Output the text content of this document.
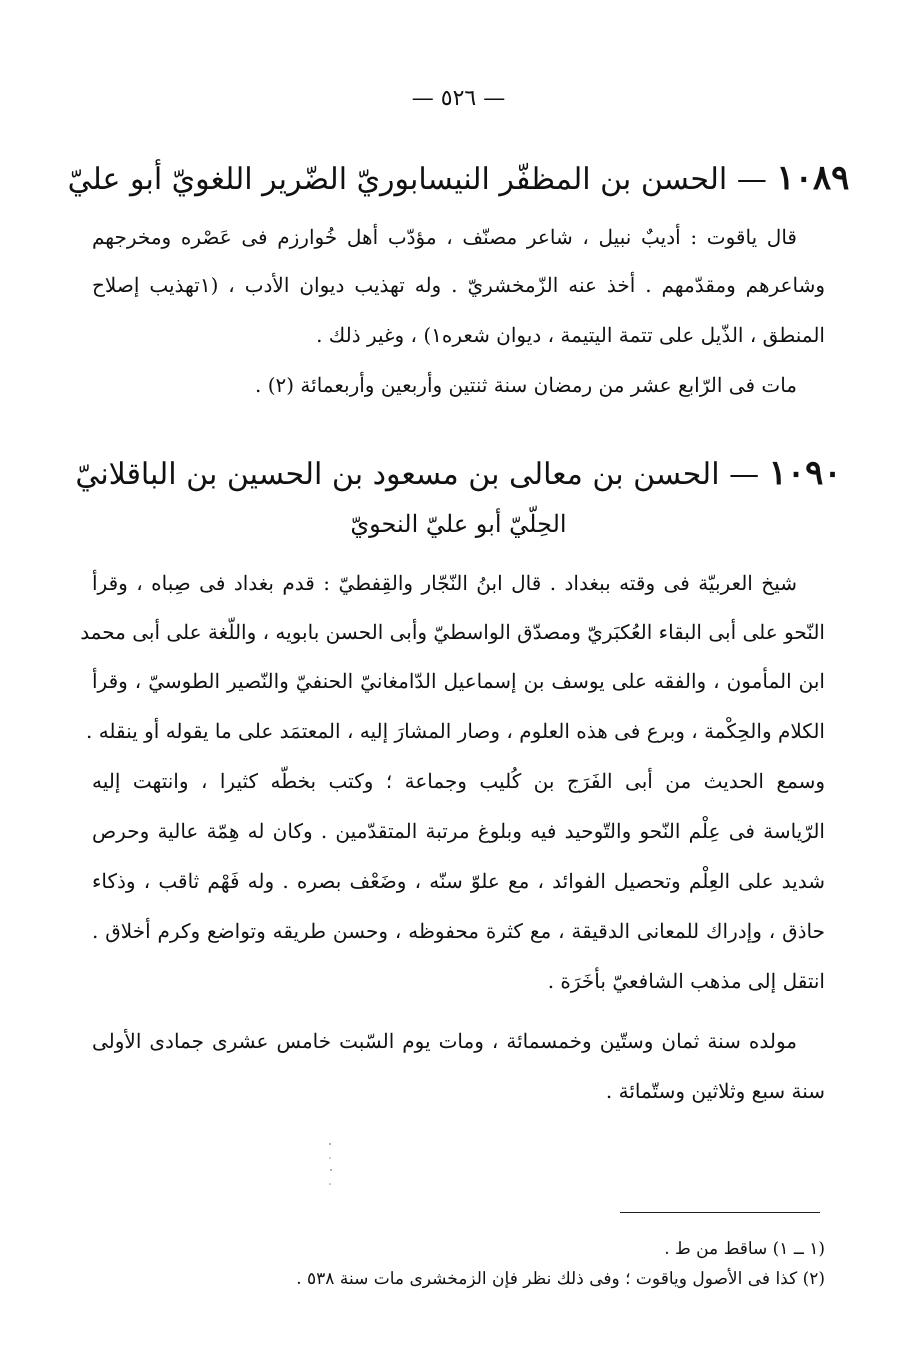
— ٥٢٦ —
١٠٨٩ — الحسن بن المظفّر النيسابوريّ الضّرير اللغويّ أبو عليّ
قال ياقوت : أديبٌ نبيل ، شاعر مصنّف ، مؤدّب أهل خُوارزم فى عَصْره ومخرجهم
وشاعرهم ومقدّمهم . أخذ عنه الزّمخشريّ . وله تهذيب ديوان الأدب ، (١تهذيب إصلاح
المنطق ، الذّيل على تتمة اليتيمة ، ديوان شعره١) ، وغير ذلك .
مات فى الرّابع عشر من رمضان سنة ثنتين وأربعين وأربعمائة (٢) .
١٠٩٠ — الحسن بن معالى بن مسعود بن الحسين بن الباقلانيّ
الحِلّيّ أبو عليّ النحويّ
شيخ العربيّة فى وقته ببغداد . قال ابنُ النّجّار والقِفطيّ : قدم بغداد فى صِباه ، وقرأ
النّحو على أبى البقاء العُكبَريّ ومصدّق الواسطيّ وأبى الحسن بابويه ، واللّغة على أبى محمد
ابن المأمون ، والفقه على يوسف بن إسماعيل الدّامغانيّ الحنفيّ والنّصير الطوسيّ ، وقرأ
الكلام والحِكْمة ، وبرع فى هذه العلوم ، وصار المشارَ إليه ، المعتمَد على ما يقوله أو ينقله .
وسمع الحديث من أبى الفَرَج بن كُليب وجماعة ؛ وكتب بخطّه كثيرا ، وانتهت إليه
الرّياسة فى عِلْم النّحو والتّوحيد فيه وبلوغ مرتبة المتقدّمين . وكان له هِمّة عالية وحرص
شديد على العِلْم وتحصيل الفوائد ، مع علوّ سنّه ، وضَعْف بصره . وله فَهْم ثاقب ، وذكاء
حاذق ، وإدراك للمعانى الدقيقة ، مع كثرة محفوظه ، وحسن طريقه وتواضع وكرم أخلاق .
انتقل إلى مذهب الشافعيّ بأخَرَة .
مولده سنة ثمان وستّين وخمسمائة ، ومات يوم السّبت خامس عشرى جمادى الأولى
سنة سبع وثلاثين وستّمائة .
(١ ــ ١) ساقط من ط .
(٢) كذا فى الأصول وياقوت ؛ وفى ذلك نظر فإن الزمخشرى مات سنة ٥٣٨ .
